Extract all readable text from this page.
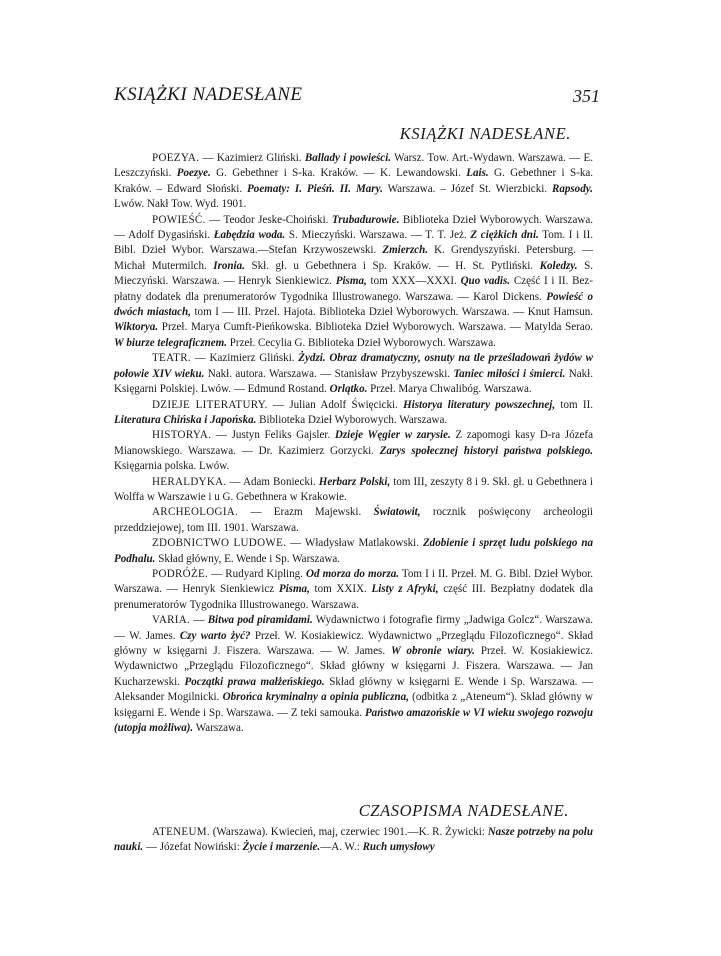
KSIĄŻKI NADESŁANE	351
KSIĄŻKI NADESŁANE.

POEZYA. — Kazimierz Gliński. Ballady i powieści. Warsz. Tow. Art.-Wydawn. Warszawa. — E. Leszczyński. Poezye. G. Gebethner i S-ka. Kraków. — K. Lewandowski. Lais. G. Gebethner i S-ka. Kraków. – Edward Słoński. Poematy: I. Pieśń. II. Mary. Warszawa. – Józef St. Wierzbicki. Rapsody. Lwów. Nakł Tow. Wyd. 1901.

POWIEŚĆ. — Teodor Jeske-Choiński. Trubadurowie. Biblioteka Dzieł Wyborowych. Warszawa. — Adolf Dygasiński. Łabędzia woda. S. Mieczyński. Warszawa. — T. T. Jeż. Z ciężkich dni. Tom. I i II. Bibl. Dzieł Wybor. Warszawa.—Stefan Krzywoszewski. Zmierzch. K. Grendyszyński. Petersburg. — Michał Mutermilch. Ironia. Skł. gł. u Gebethnera i Sp. Kraków. — H. St. Pytliński. Koledzy. S. Mieczyński. Warszawa. — Henryk Sienkiewicz. Pisma, tom XXX—XXXI. Quo vadis. Część I i II. Bezpłatny dodatek dla prenumeratorów Tygodnika Illustrowanego. Warszawa. — Karol Dickens. Powieść o dwóch miastach, tom I — III. Przel. Hajota. Biblioteka Dzieł Wyborowych. Warszawa. — Knut Hamsun. Wiktorya. Przeł. Marya Cumft-Pieńkowska. Biblioteka Dzieł Wyborowych. Warszawa. — Matylda Serao. W biurze telegraficznem. Przeł. Cecylia G. Biblioteka Dzieł Wyborowych. Warszawa.

TEATR. — Kazimierz Gliński. Żydzi. Obraz dramatyczny, osnuty na tle prześladowań żydów w połowie XIV wieku. Nakł. autora. Warszawa. — Stanisław Przybyszewski. Taniec miłości i śmierci. Nakł. Księgarni Polskiej. Lwów. — Edmund Rostand. Orlątko. Przeł. Marya Chwalibóg. Warszawa.

DZIEJE LITERATURY. — Julian Adolf Święcicki. Historya literatury powszechnej, tom II. Literatura Chińska i Japońska. Biblioteka Dzieł Wyborowych. Warszawa.

HISTORYA. — Justyn Feliks Gajsler. Dzieje Węgier w zarysie. Z zapomogi kasy D-ra Józefa Mianowskiego. Warszawa. — Dr. Kazimierz Gorzycki. Zarys społecznej historyi państwa polskiego. Księgarnia polska. Lwów.

HERALDYKA. — Adam Boniecki. Herbarz Polski, tom III, zeszyty 8 i 9. Skł. gł. u Gebethnera i Wolffa w Warszawie i u G. Gebethnera w Krakowie.

ARCHEOLOGIA. — Erazm Majewski. Światowit, rocznik poświęcony archeologii przeddziejowej, tom III. 1901. Warszawa.

ZDOBNICTWO LUDOWE. — Władysław Matlakowski. Zdobienie i sprzęt ludu polskiego na Podhalu. Skład główny, E. Wende i Sp. Warszawa.

PODRÓŻE. — Rudyard Kipling. Od morza do morza. Tom I i II. Przeł. M. G. Bibl. Dzieł Wybor. Warszawa. — Henryk Sienkiewicz Pisma, tom XXIX. Listy z Afryki, część III. Bezpłatny dodatek dla prenumeratorów Tygodnika Illustrowanego. Warszawa.

VARIA. — Bitwa pod piramidami. Wydawnictwo i fotografie firmy „Jadwiga Golcz“. Warszawa. — W. James. Czy warto żyć? Przeł. W. Kosiakiewicz. Wydawnictwo „Przeglądu Filozoficznego“. Skład główny w księgarni J. Fiszera. Warszawa. — W. James. W obronie wiary. Przeł. W. Kosiakiewicz. Wydawnictwo „Przeglądu Filozoficznego“. Skład główny w księgarni J. Fiszera. Warszawa. — Jan Kucharzewski. Początki prawa małżeńskiego. Skład główny w księgarni E. Wende i Sp. Warszawa. — Aleksander Mogilnicki. Obrońca kryminalny a opinia publiczna, (odbitka z „Ateneum“). Skład główny w księgarni E. Wende i Sp. Warszawa. — Z teki samouka. Państwo amazońskie w VI wieku swojego rozwoju (utopja możliwa). Warszawa.

CZASOPISMA NADESŁANE.

ATENEUM. (Warszawa). Kwiecień, maj, czerwiec 1901.—K. R. Żywicki: Nasze potrzeby na polu nauki. — Józefat Nowiński: Życie i marzenie.—A. W.: Ruch umysłowy
